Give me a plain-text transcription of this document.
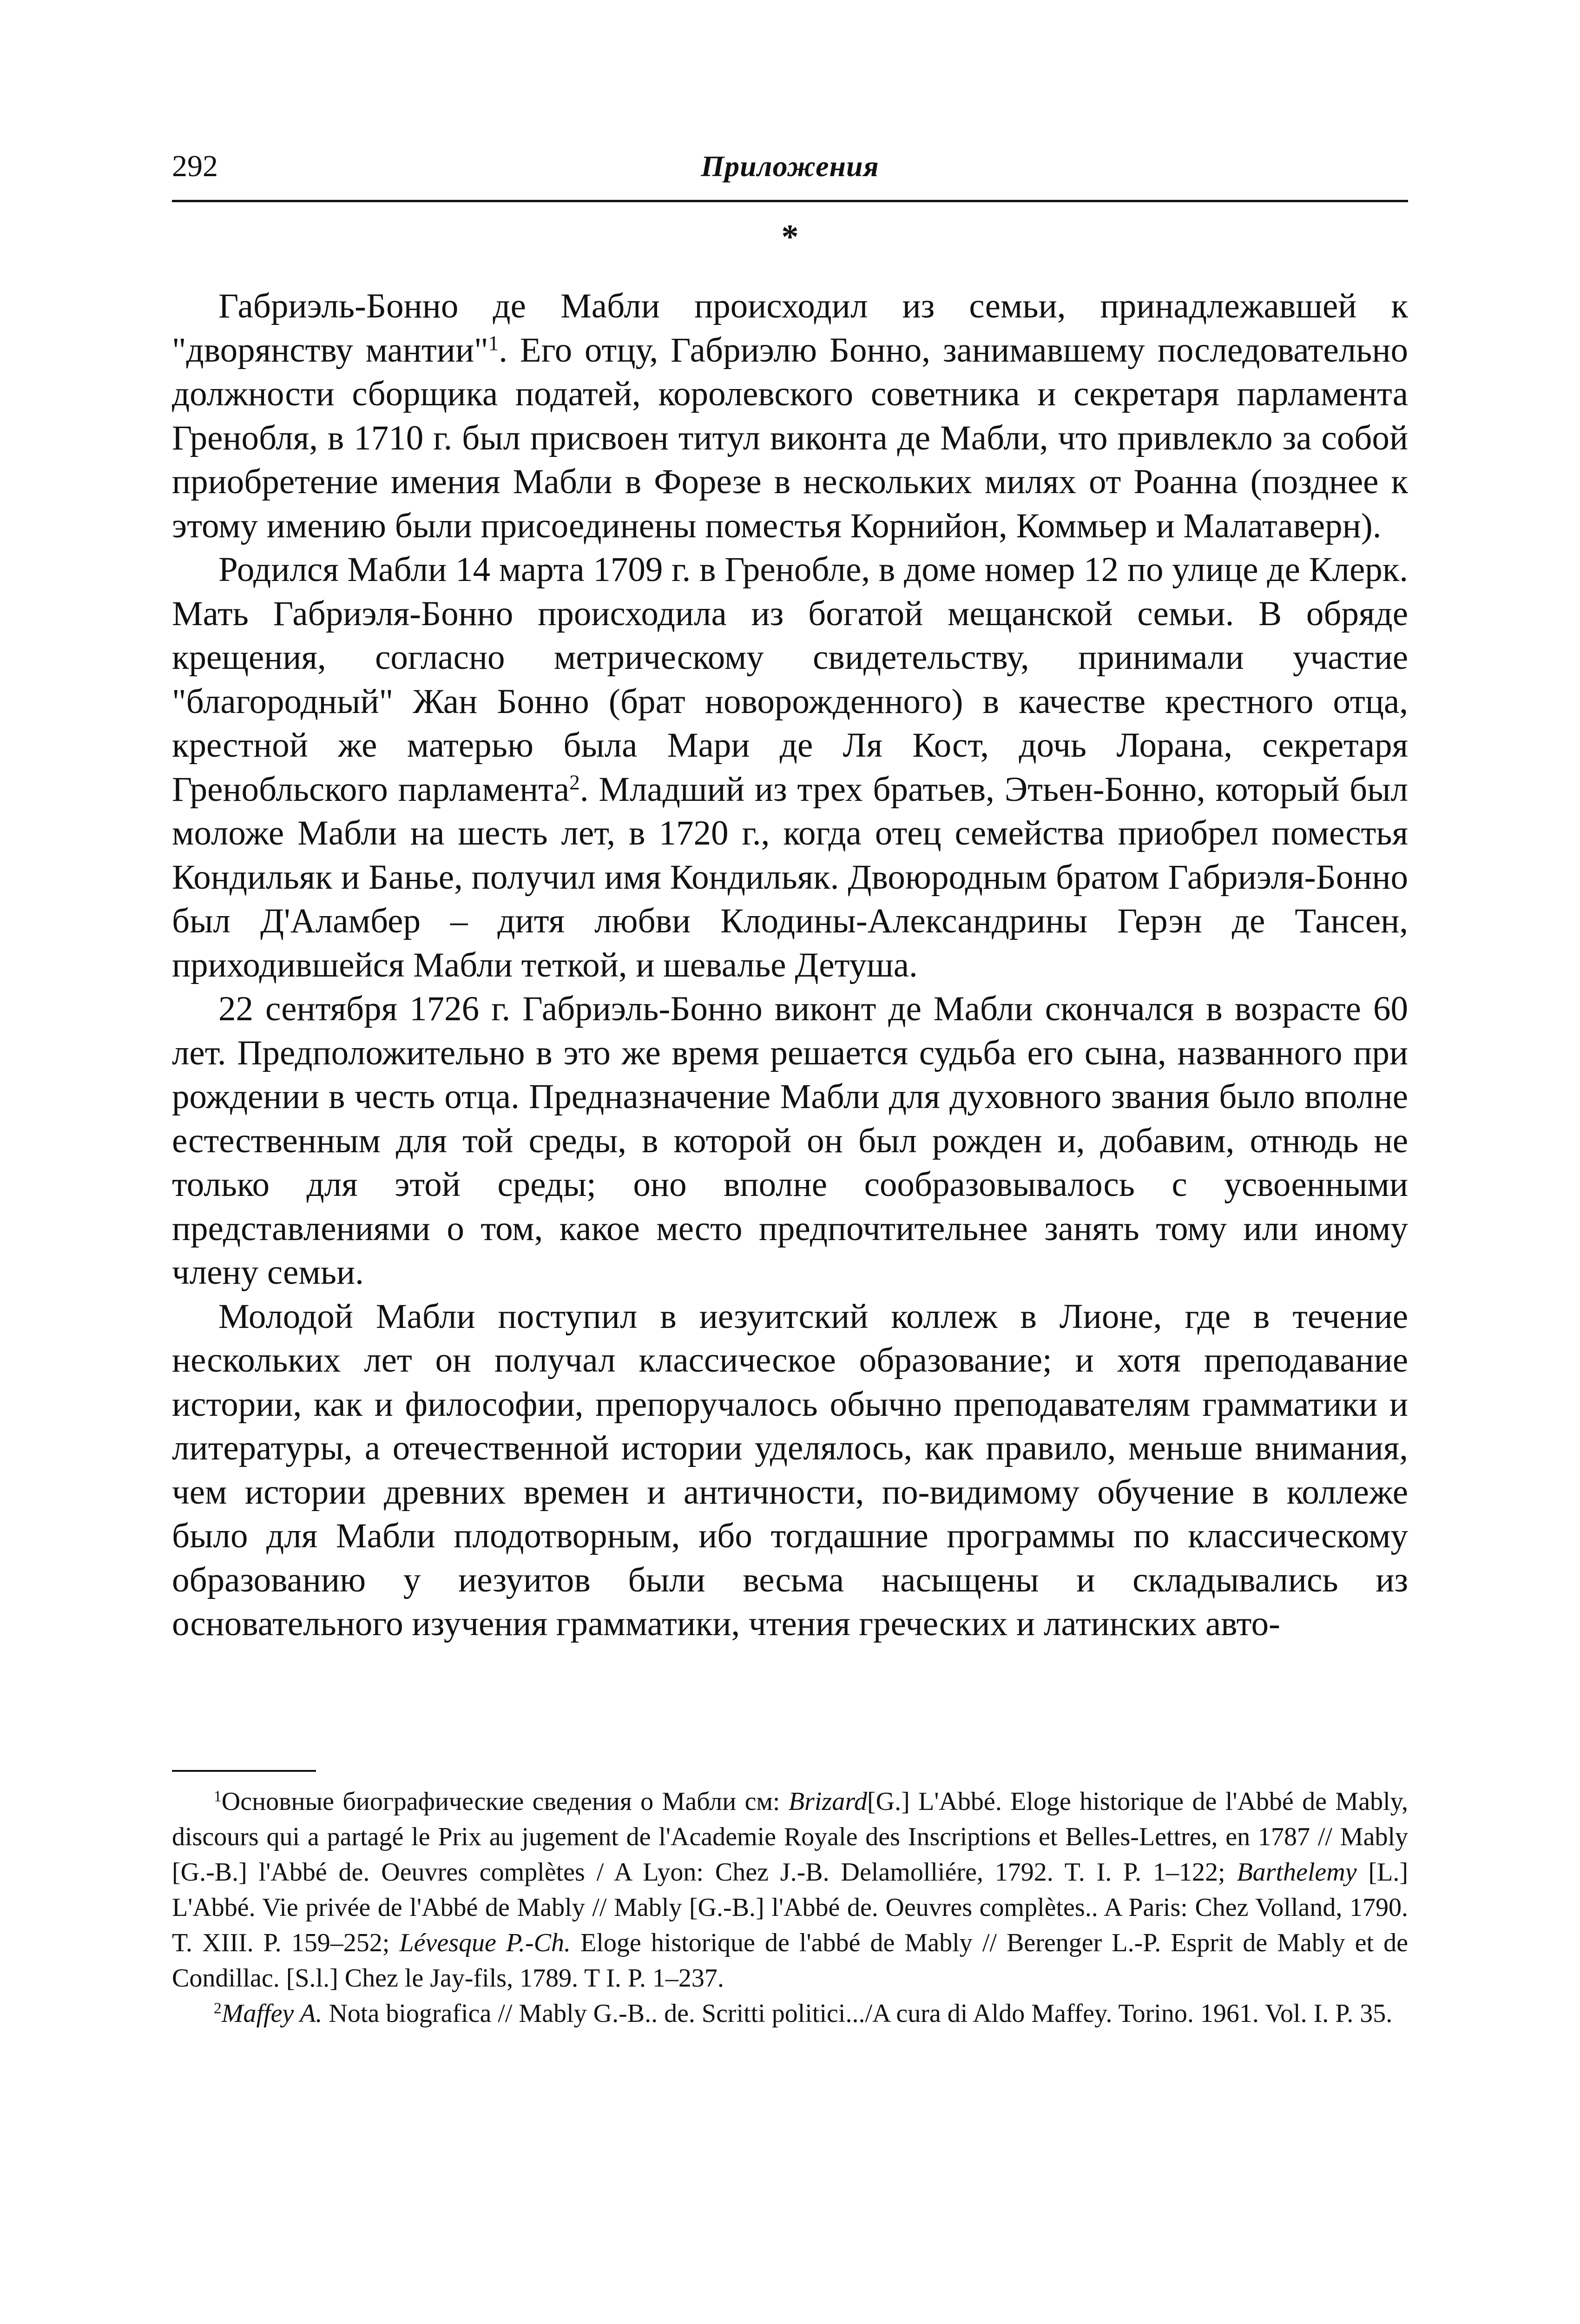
292	Приложения
*

Габриэль-Бонно де Мабли происходил из семьи, принадлежавшей к "дворянству мантии"$^1$. Его отцу, Габриэлю Бонно, занимавшему последовательно должности сборщика податей, королевского советника и секретаря парламента Гренобля, в 1710 г. был присвоен титул виконта де Мабли, что привлекло за собой приобретение имения Мабли в Форезе в нескольких милях от Роанна (позднее к этому имению были присоединены поместья Корнийон, Коммьер и Малатаверн).

Родился Мабли 14 марта 1709 г. в Гренобле, в доме номер 12 по улице де Клерк. Мать Габриэля-Бонно происходила из богатой мещанской семьи. В обряде крещения, согласно метрическому свидетельству, принимали участие "благородный" Жан Бонно (брат новорожденного) в качестве крестного отца, крестной же матерью была Мари де Ля Кост, дочь Лорана, секретаря Гренобльского парламента$^2$. Младший из трех братьев, Этьен-Бонно, который был моложе Мабли на шесть лет, в 1720 г., когда отец семейства приобрел поместья Кондильяк и Банье, получил имя Кондильяк. Двоюродным братом Габриэля-Бонно был Д'Аламбер – дитя любви Клодины-Александрины Герэн де Тансен, приходившейся Мабли теткой, и шевалье Детуша.

22 сентября 1726 г. Габриэль-Бонно виконт де Мабли скончался в возрасте 60 лет. Предположительно в это же время решается судьба его сына, названного при рождении в честь отца. Предназначение Мабли для духовного звания было вполне естественным для той среды, в которой он был рожден и, добавим, отнюдь не только для этой среды; оно вполне сообразовывалось с усвоенными представлениями о том, какое место предпочтительнее занять тому или иному члену семьи.

Молодой Мабли поступил в иезуитский коллеж в Лионе, где в течение нескольких лет он получал классическое образование; и хотя преподавание истории, как и философии, препоручалось обычно преподавателям грамматики и литературы, а отечественной истории уделялось, как правило, меньше внимания, чем истории древних времен и античности, по-видимому обучение в коллеже было для Мабли плодотворным, ибо тогдашние программы по классическому образованию у иезуитов были весьма насыщены и складывались из основательного изучения грамматики, чтения греческих и латинских авто-

$^1$Основные биографические сведения о Мабли см: Brizard[G.] L'Abbé. Eloge historique de l'Abbé de Mably, discours qui a partagé le Prix au jugement de l'Academie Royale des Inscriptions et Belles-Lettres, en 1787 // Mably [G.-B.] l'Abbé de. Oeuvres complètes / A Lyon: Chez J.-B. Delamolliére, 1792. T. I. P. 1–122; Barthelemy [L.] L'Abbé. Vie privée de l'Abbé de Mably // Mably [G.-B.] l'Abbé de. Oeuvres complètes.. A Paris: Chez Volland, 1790. T. XIII. P. 159–252; Lévesque P.-Ch. Eloge historique de l'abbé de Mably // Berenger L.-P. Esprit de Mably et de Condillac. [S.l.] Chez le Jay-fils, 1789. T I. P. 1–237.

$^2$Maffey A. Nota biografica // Mably G.-B.. de. Scritti politici.../A cura di Aldo Maffey. Torino. 1961. Vol. I. P. 35.
